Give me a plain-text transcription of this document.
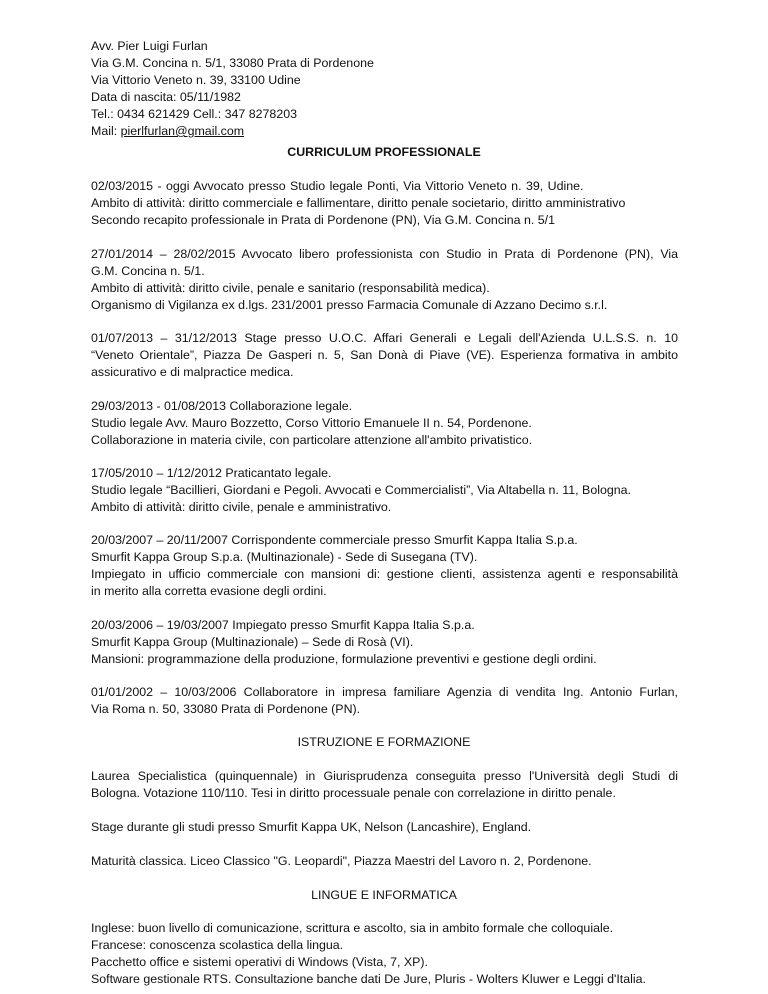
Avv. Pier Luigi Furlan
Via G.M. Concina n. 5/1, 33080 Prata di Pordenone
Via Vittorio Veneto n. 39, 33100 Udine
Data di nascita: 05/11/1982
Tel.: 0434 621429 Cell.: 347 8278203
Mail: pierlfurlan@gmail.com
CURRICULUM PROFESSIONALE
02/03/2015 - oggi Avvocato presso Studio legale Ponti, Via Vittorio Veneto n. 39, Udine.
Ambito di attività: diritto commerciale e fallimentare, diritto penale societario, diritto amministrativo
Secondo recapito professionale in Prata di Pordenone (PN), Via G.M. Concina n. 5/1
27/01/2014 – 28/02/2015 Avvocato libero professionista con Studio in Prata di Pordenone (PN), Via
G.M. Concina n. 5/1.
Ambito di attività: diritto civile, penale e sanitario (responsabilità medica).
Organismo di Vigilanza ex d.lgs. 231/2001 presso Farmacia Comunale di Azzano Decimo s.r.l.
01/07/2013 – 31/12/2013 Stage presso U.O.C. Affari Generali e Legali dell'Azienda U.L.S.S. n. 10
“Veneto Orientale”, Piazza De Gasperi n. 5, San Donà di Piave (VE). Esperienza formativa in ambito
assicurativo e di malpractice medica.
29/03/2013 - 01/08/2013 Collaborazione legale.
Studio legale Avv. Mauro Bozzetto, Corso Vittorio Emanuele II n. 54, Pordenone.
Collaborazione in materia civile, con particolare attenzione all'ambito privatistico.
17/05/2010 – 1/12/2012 Praticantato legale.
Studio legale “Bacillieri, Giordani e Pegoli. Avvocati e Commercialisti”, Via Altabella n. 11, Bologna.
Ambito di attività: diritto civile, penale e amministrativo.
20/03/2007 – 20/11/2007 Corrispondente commerciale presso Smurfit Kappa Italia S.p.a.
Smurfit Kappa Group S.p.a. (Multinazionale) - Sede di Susegana (TV).
Impiegato in ufficio commerciale con mansioni di: gestione clienti, assistenza agenti e responsabilità
in merito alla corretta evasione degli ordini.
20/03/2006 – 19/03/2007 Impiegato presso Smurfit Kappa Italia S.p.a.
Smurfit Kappa Group (Multinazionale) – Sede di Rosà (VI).
Mansioni: programmazione della produzione, formulazione preventivi e gestione degli ordini.
01/01/2002 – 10/03/2006 Collaboratore in impresa familiare Agenzia di vendita Ing. Antonio Furlan,
Via Roma n. 50, 33080 Prata di Pordenone (PN).
ISTRUZIONE E FORMAZIONE
Laurea Specialistica (quinquennale) in Giurisprudenza conseguita presso l'Università degli Studi di
Bologna. Votazione 110/110. Tesi in diritto processuale penale con correlazione in diritto penale.
Stage durante gli studi presso Smurfit Kappa UK, Nelson (Lancashire), England.
Maturità classica. Liceo Classico "G. Leopardi", Piazza Maestri del Lavoro n. 2, Pordenone.
LINGUE E INFORMATICA
Inglese: buon livello di comunicazione, scrittura e ascolto, sia in ambito formale che colloquiale.
Francese: conoscenza scolastica della lingua.
Pacchetto office e sistemi operativi di Windows (Vista, 7, XP).
Software gestionale RTS. Consultazione banche dati De Jure, Pluris - Wolters Kluwer e Leggi d'Italia.
